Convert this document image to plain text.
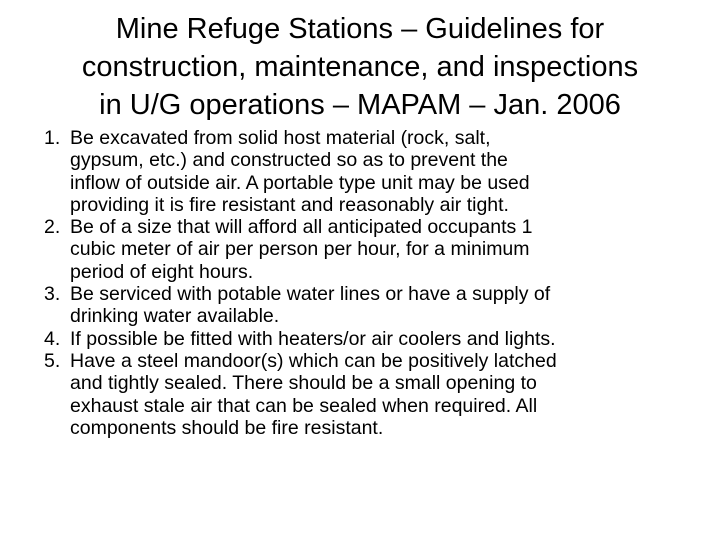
Mine Refuge Stations – Guidelines for
construction, maintenance, and inspections
in U/G operations – MAPAM – Jan. 2006
1. Be excavated from solid host material (rock, salt,
gypsum, etc.) and constructed so as to prevent the
inflow of outside air. A portable type unit may be used
providing it is fire resistant and reasonably air tight.
2. Be of a size that will afford all anticipated occupants 1
cubic meter of air per person per hour, for a minimum
period of eight hours.
3. Be serviced with potable water lines or have a supply of
drinking water available.
4. If possible be fitted with heaters/or air coolers and lights.
5. Have a steel mandoor(s) which can be positively latched
and tightly sealed. There should be a small opening to
exhaust stale air that can be sealed when required. All
components should be fire resistant.
